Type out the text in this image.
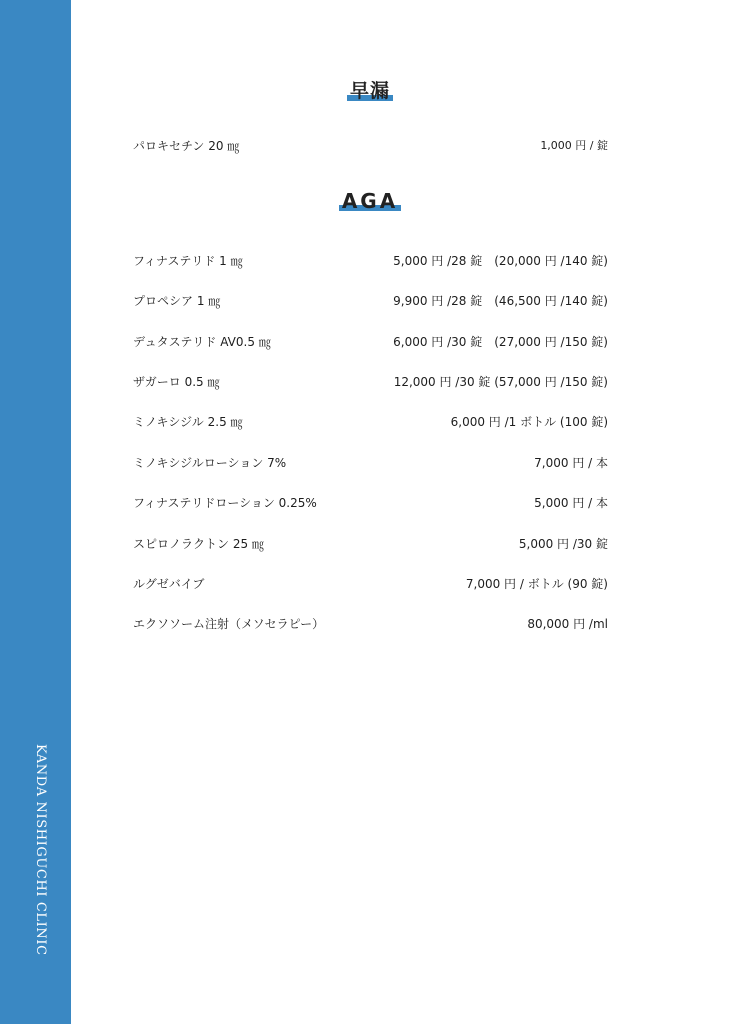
KANDA NISHIGUCHI CLINIC
早漏
パロキセチン 20 ㎎	1,000 円 / 錠
AGA
フィナステリド 1 ㎎	5,000 円 /28 錠　(20,000 円 /140 錠)
プロペシア 1 ㎎	9,900 円 /28 錠　(46,500 円 /140 錠)
デュタステリド AV0.5 ㎎	6,000 円 /30 錠　(27,000 円 /150 錠)
ザガーロ 0.5 ㎎	12,000 円 /30 錠 (57,000 円 /150 錠)
ミノキシジル 2.5 ㎎	6,000 円 /1 ボトル (100 錠)
ミノキシジルローション 7%	7,000 円 / 本
フィナステリドローション 0.25%	5,000 円 / 本
スピロノラクトン 25 ㎎	5,000 円 /30 錠
ルグゼバイブ	7,000 円 / ボトル (90 錠)
エクソソーム注射（メソセラピー）	80,000 円 /ml
